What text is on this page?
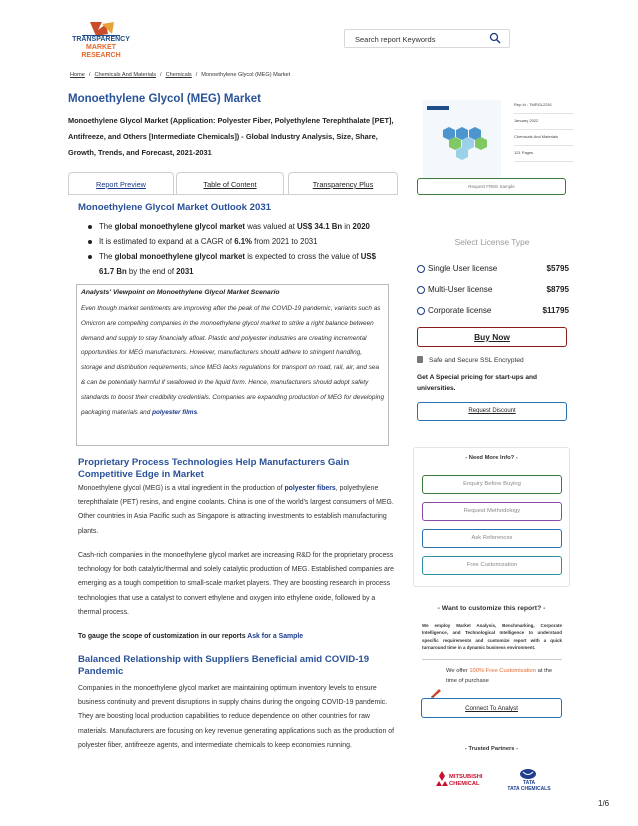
TRANSPARENCY
MARKET RESEARCH
Search report Keywords
Home / Chemicals And Materials / Chemicals / Monoethylene Glycol (MEG) Market
Monoethylene Glycol (MEG) Market
Monoethylene Glycol Market (Application: Polyester Fiber, Polyethylene Terephthalate [PET], Antifreeze, and Others [Intermediate Chemicals]) - Global Industry Analysis, Size, Share, Growth, Trends, and Forecast, 2021-2031
Rep Id : TMRGL2251
January 2022
Chemicals And Materials
121 Pages
Request FREE Sample
Report Preview	Table of Content	Transparency Plus
Monoethylene Glycol Market Outlook 2031
The global monoethylene glycol market was valued at US$ 34.1 Bn in 2020
It is estimated to expand at a CAGR of 6.1% from 2021 to 2031
The global monoethylene glycol market is expected to cross the value of US$ 61.7 Bn by the end of 2031
Analysts' Viewpoint on Monoethylene Glycol Market Scenario
Even though market sentiments are improving after the peak of the COVID-19 pandemic, variants such as Omicron are compelling companies in the monoethylene glycol market to strike a right balance between demand and supply to stay financially afloat. Plastic and polyester industries are creating incremental opportunities for MEG manufacturers. However, manufacturers should adhere to stringent handling, storage and distribution requirements, since MEG lacks regulations for transport on road, rail, air, and sea & can be potentially harmful if swallowed in the liquid form. Hence, manufacturers should adopt safety standards to boost their credibility credentials. Companies are expanding production of MEG for developing packaging materials and polyester films.
Proprietary Process Technologies Help Manufacturers Gain Competitive Edge in Market
Monoethylene glycol (MEG) is a vital ingredient in the production of polyester fibers, polyethylene terephthalate (PET) resins, and engine coolants. China is one of the world's largest consumers of MEG. Other countries in Asia Pacific such as Singapore is attracting investments to establish manufacturing plants.
Cash-rich companies in the monoethylene glycol market are increasing R&D for the proprietary process technology for both catalytic/thermal and solely catalytic production of MEG. Established companies are emerging as a tough competition to small-scale market players. They are boosting research in process technologies that use a catalyst to convert ethylene and oxygen into ethylene oxide, followed by a thermal process.
To gauge the scope of customization in our reports Ask for a Sample
Balanced Relationship with Suppliers Beneficial amid COVID-19 Pandemic
Companies in the monoethylene glycol market are maintaining optimum inventory levels to ensure business continuity and prevent disruptions in supply chains during the ongoing COVID-19 pandemic. They are boosting local production capabilities to reduce dependence on other countries for raw materials. Manufacturers are focusing on key revenue generating applications such as the production of polyester fiber, antifreeze agents, and intermediate chemicals to keep economies running.
Select License Type
Single User license	$5795
Multi-User license	$8795
Corporate license	$11795
Buy Now
Safe and Secure SSL Encrypted
Get A Special pricing for start-ups and universities.
Request Discount
- Need More Info? -
Enquiry Before Buying
Request Methodology
Ask References
Free Customization
- Want to customize this report? -
We employ Market Analysis, Benchmarking, Corporate Intelligence, and Technological Intelligence to understand specific requirements and customize report with a quick turnaround time in a dynamic business environment.
We offer 100% Free Customisation at the time of purchase
Connect To Analyst
- Trusted Partners -
MITSUBISHI
CHEMICAL	TATA
TATA CHEMICALS
1/6
